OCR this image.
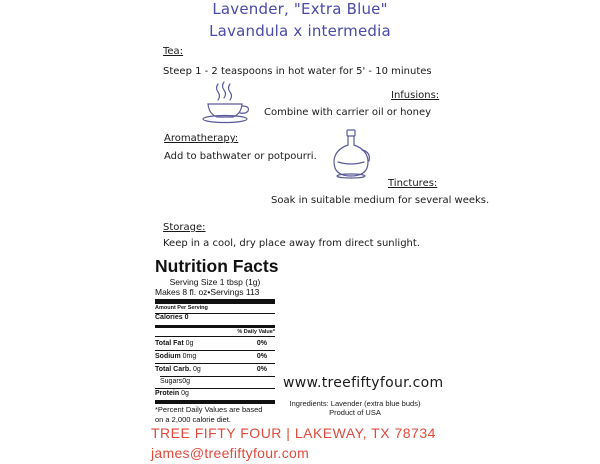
Lavender, "Extra Blue"
Lavandula x intermedia
Tea:
Steep 1 - 2 teaspoons in hot water for 5' - 10 minutes
Infusions:
Combine with carrier oil or honey
Aromatherapy:
Add to bathwater or potpourri.
Tinctures:
Soak in suitable medium for several weeks.
Storage:
Keep in a cool, dry place away from direct sunlight.
Nutrition Facts
Serving Size 1 tbsp (1g)
Makes 8 fl. oz•Servings 113
Amount Per Serving
Calories 0
% Daily Value*
Total Fat 0g	0%
Sodium 0mg	0%
Total Carb. 0g	0%
Sugars0g
Protein 0g
*Percent Daily Values are based
on a 2,000 calorie diet.
www.treefiftyfour.com
Ingredients: Lavender (extra blue buds)
Product of USA
TREE FIFTY FOUR | LAKEWAY, TX 78734
james@treefiftyfour.com
